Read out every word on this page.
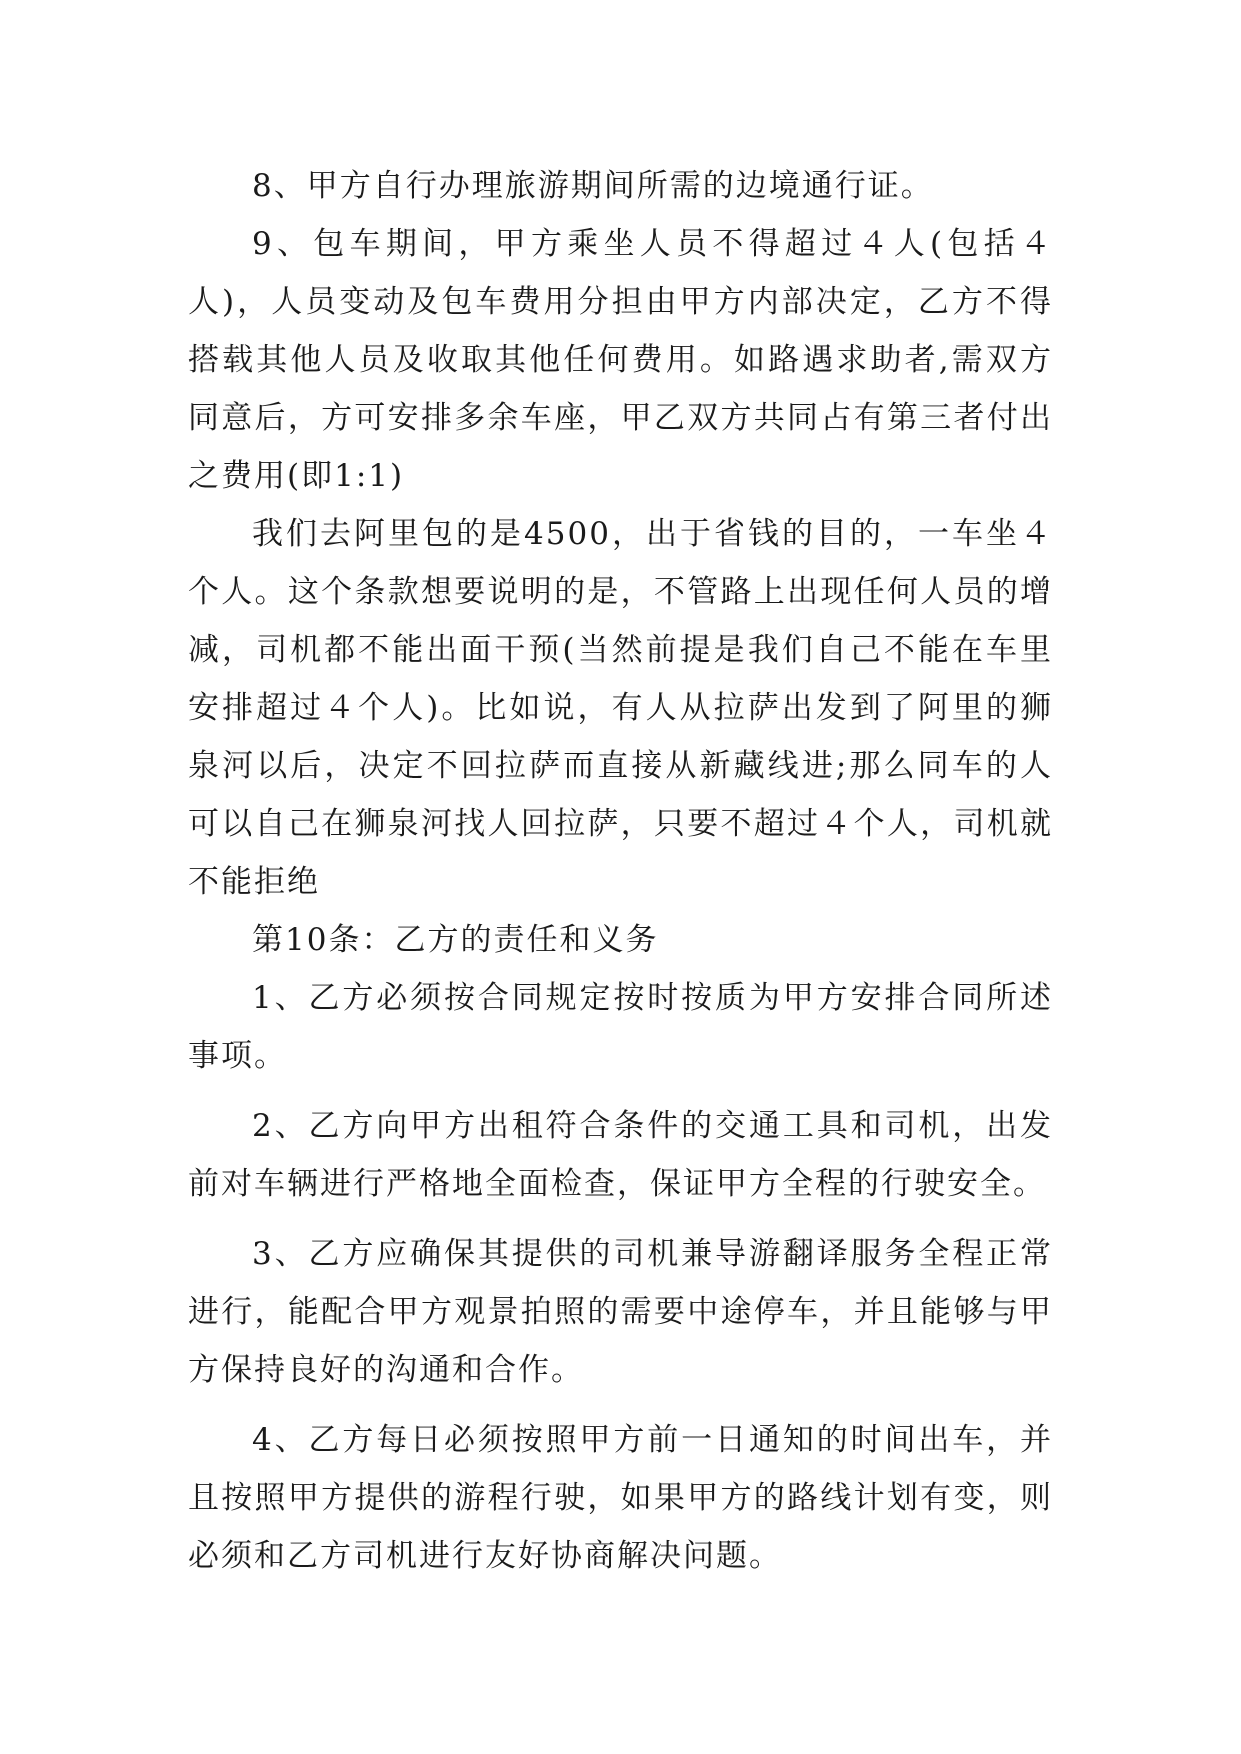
8、甲方自行办理旅游期间所需的边境通行证。

9、包车期间，甲方乘坐人员不得超过４人(包括４人)，人员变动及包车费用分担由甲方内部决定，乙方不得搭载其他人员及收取其他任何费用。如路遇求助者,需双方同意后，方可安排多余车座，甲乙双方共同占有第三者付出之费用(即1:1)

我们去阿里包的是4500，出于省钱的目的，一车坐４个人。这个条款想要说明的是，不管路上出现任何人员的增减，司机都不能出面干预(当然前提是我们自己不能在车里安排超过４个人)。比如说，有人从拉萨出发到了阿里的狮泉河以后，决定不回拉萨而直接从新藏线进;那么同车的人可以自己在狮泉河找人回拉萨，只要不超过４个人，司机就不能拒绝

第10条：乙方的责任和义务

1、乙方必须按合同规定按时按质为甲方安排合同所述事项。

2、乙方向甲方出租符合条件的交通工具和司机，出发前对车辆进行严格地全面检查，保证甲方全程的行驶安全。

3、乙方应确保其提供的司机兼导游翻译服务全程正常进行，能配合甲方观景拍照的需要中途停车，并且能够与甲方保持良好的沟通和合作。

4、乙方每日必须按照甲方前一日通知的时间出车，并且按照甲方提供的游程行驶，如果甲方的路线计划有变，则必须和乙方司机进行友好协商解决问题。
